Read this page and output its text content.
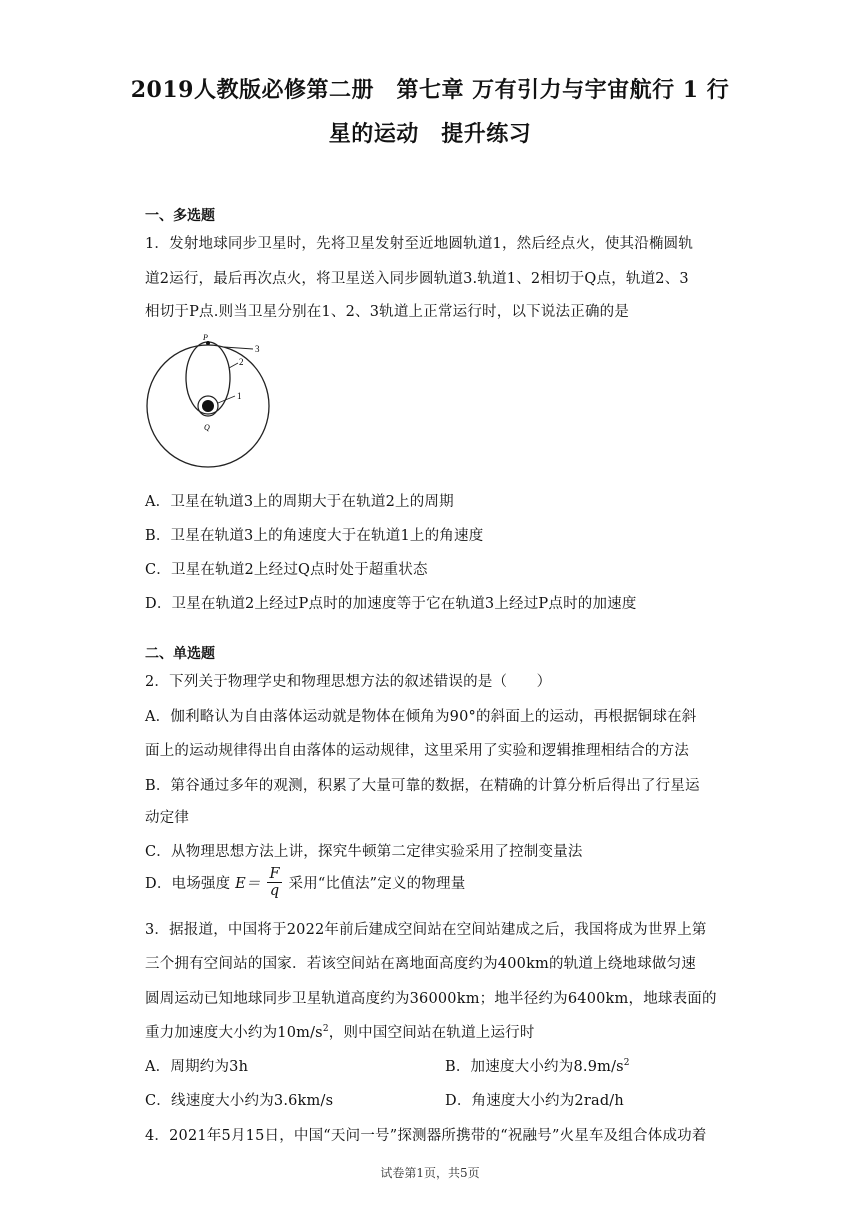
2019人教版必修第二册　第七章 万有引力与宇宙航行 1 行
星的运动　提升练习
一、多选题
1．发射地球同步卫星时，先将卫星发射至近地圆轨道1，然后经点火，使其沿椭圆轨
道2运行，最后再次点火，将卫星送入同步圆轨道3.轨道1、2相切于Q点，轨道2、3
相切于P点.则当卫星分别在1、2、3轨道上正常运行时，以下说法正确的是
P
3
2
1
Q
A．卫星在轨道3上的周期大于在轨道2上的周期
B．卫星在轨道3上的角速度大于在轨道1上的角速度
C．卫星在轨道2上经过Q点时处于超重状态
D．卫星在轨道2上经过P点时的加速度等于它在轨道3上经过P点时的加速度
二、单选题
2．下列关于物理学史和物理思想方法的叙述错误的是（　　）
A．伽利略认为自由落体运动就是物体在倾角为90°的斜面上的运动，再根据铜球在斜
面上的运动规律得出自由落体的运动规律，这里采用了实验和逻辑推理相结合的方法
B．第谷通过多年的观测，积累了大量可靠的数据，在精确的计算分析后得出了行星运
动定律
C．从物理思想方法上讲，探究牛顿第二定律实验采用了控制变量法
D．电场强度 $E= \frac{F}{q}$ 采用“比值法”定义的物理量
3．据报道，中国将于2022年前后建成空间站在空间站建成之后，我国将成为世界上第
三个拥有空间站的国家．若该空间站在离地面高度约为400km的轨道上绕地球做匀速
圆周运动已知地球同步卫星轨道高度约为36000km；地半径约为6400km，地球表面的
重力加速度大小约为$10m/s^2$，则中国空间站在轨道上运行时
A．周期约为3h	B．加速度大小约为$8.9m/s^2$
C．线速度大小约为3.6km/s	D．角速度大小约为2rad/h
4．2021年5月15日，中国“天问一号”探测器所携带的“祝融号”火星车及组合体成功着
试卷第1页，共5页
